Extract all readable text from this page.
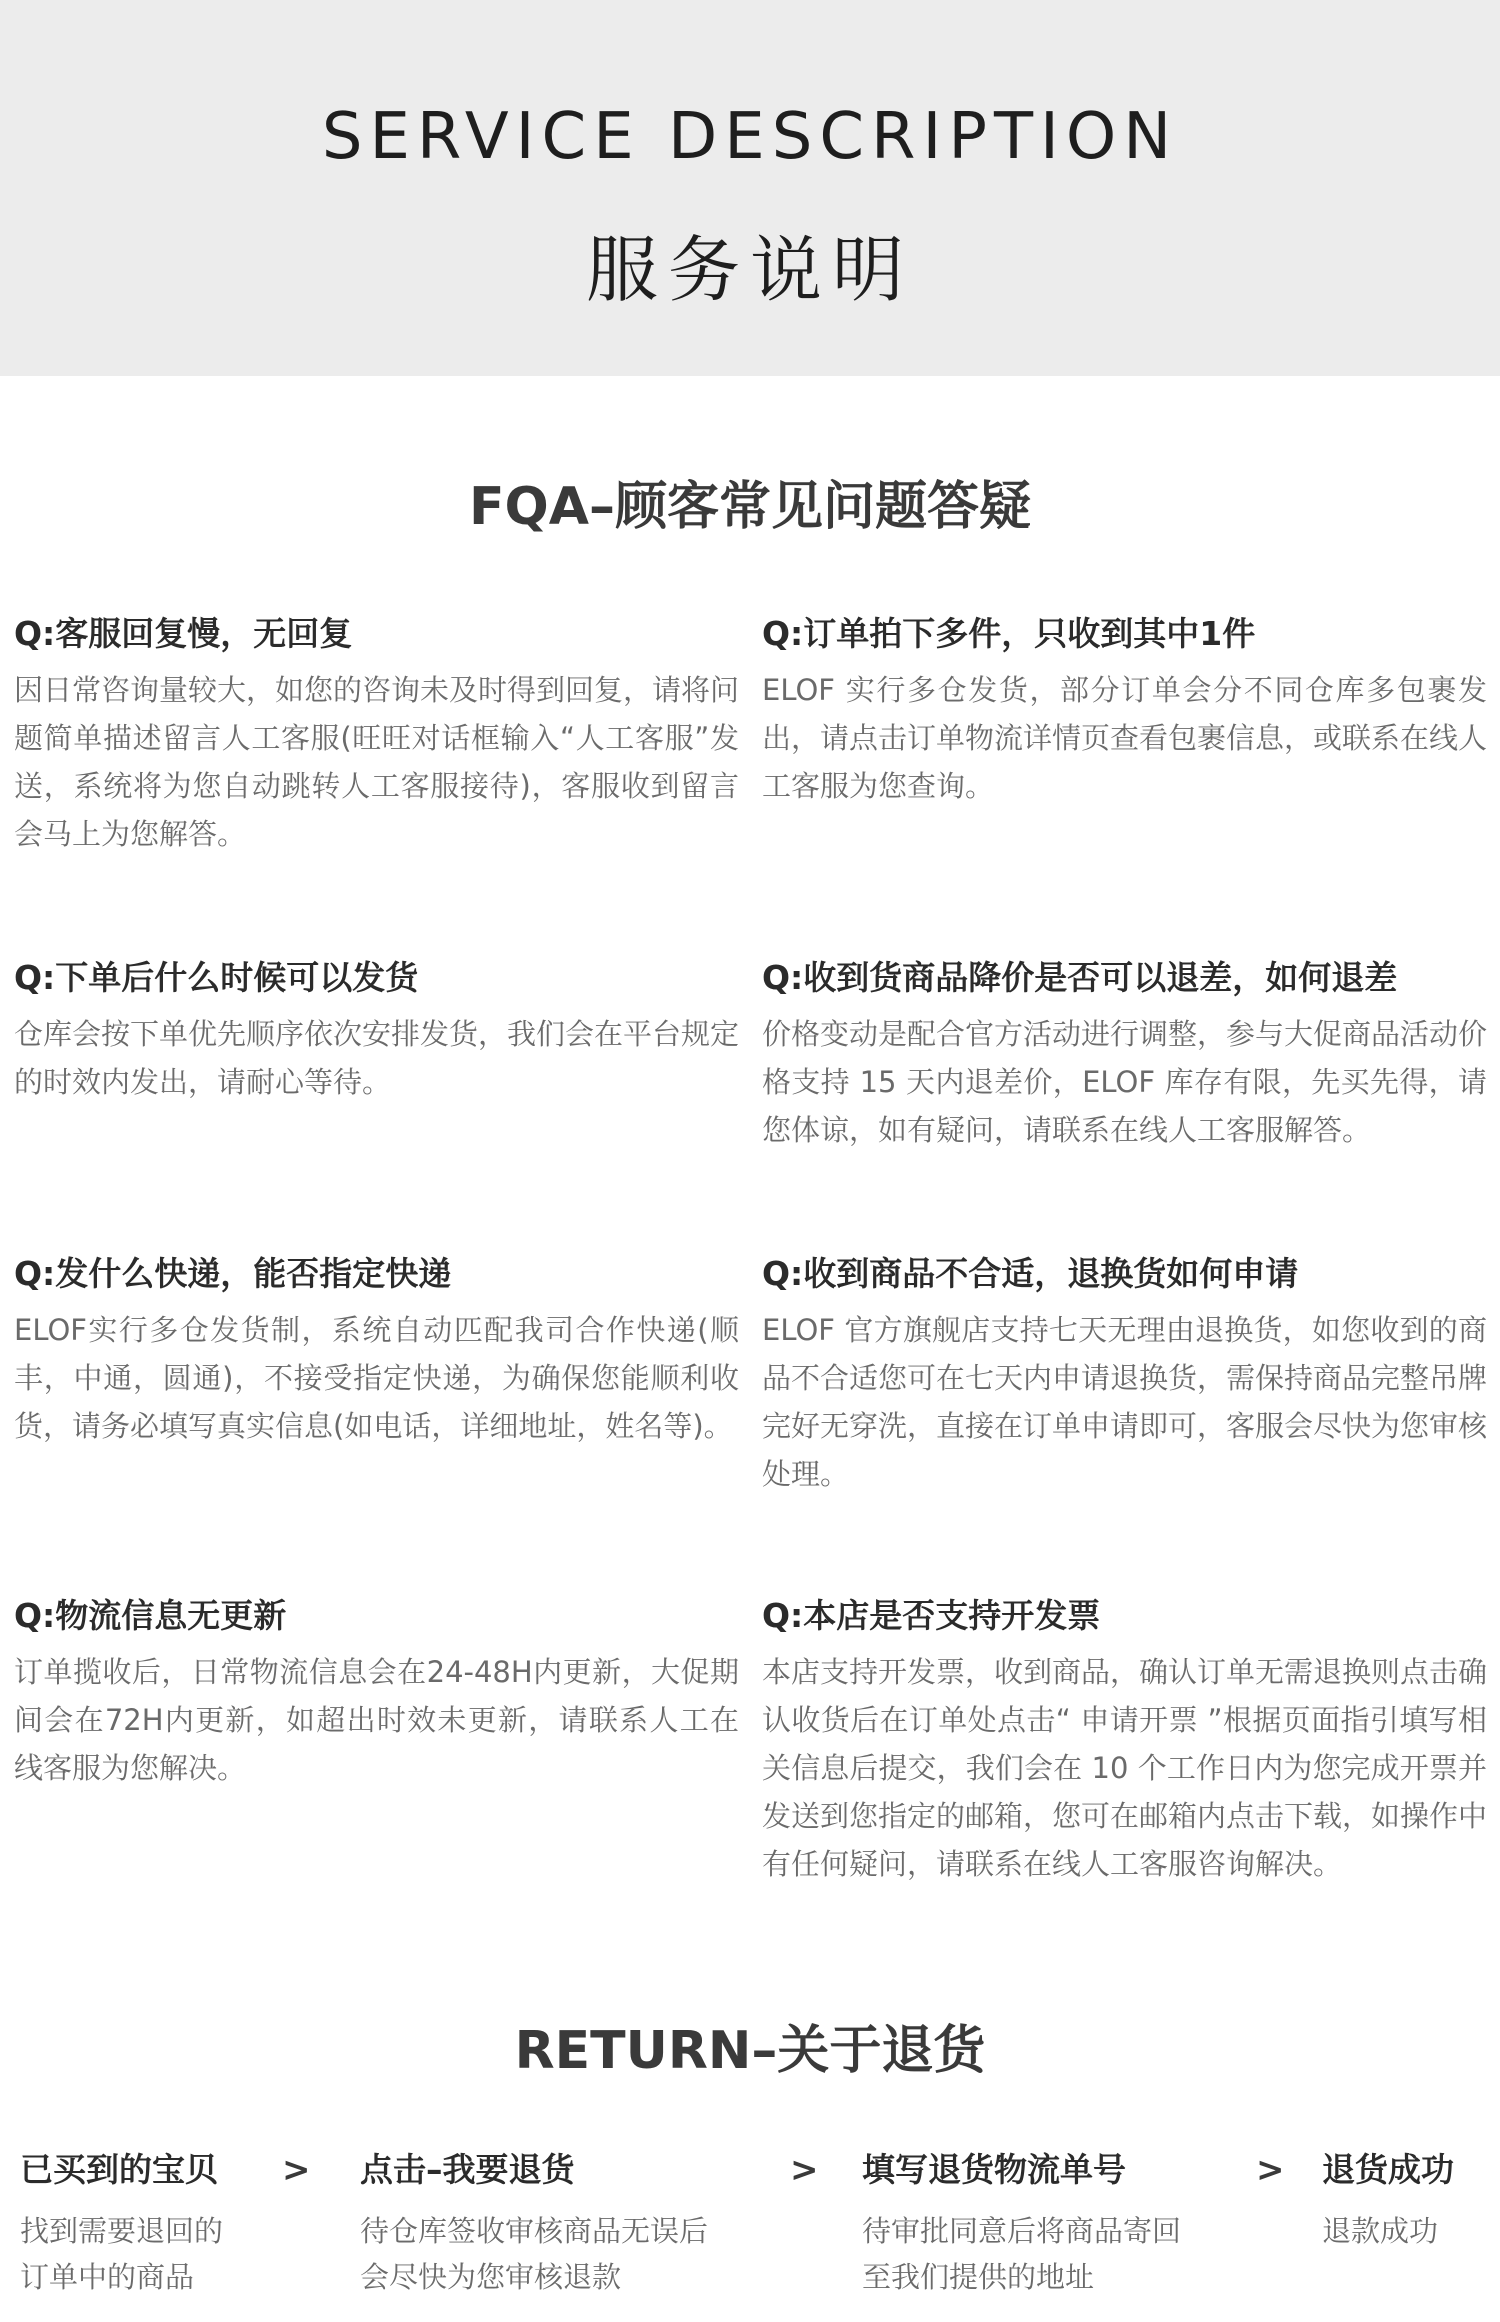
SERVICE DESCRIPTION
服务说明
FQA–顾客常见问题答疑

Q:客服回复慢，无回复

因日常咨询量较大，如您的咨询未及时得到回复，请将问题简单描述留言人工客服(旺旺对话框输入“人工客服”发送，系统将为您自动跳转人工客服接待)，客服收到留言会马上为您解答。

Q:订单拍下多件，只收到其中1件

ELOF 实行多仓发货，部分订单会分不同仓库多包裹发出，请点击订单物流详情页查看包裹信息，或联系在线人工客服为您查询。

Q:下单后什么时候可以发货

仓库会按下单优先顺序依次安排发货，我们会在平台规定的时效内发出，请耐心等待。

Q:收到货商品降价是否可以退差，如何退差

价格变动是配合官方活动进行调整，参与大促商品活动价格支持 15 天内退差价，ELOF 库存有限，先买先得，请您体谅，如有疑问，请联系在线人工客服解答。

Q:发什么快递，能否指定快递

ELOF实行多仓发货制，系统自动匹配我司合作快递(顺丰，中通，圆通)，不接受指定快递，为确保您能顺利收货，请务必填写真实信息(如电话，详细地址，姓名等)。

Q:收到商品不合适，退换货如何申请

ELOF 官方旗舰店支持七天无理由退换货，如您收到的商品不合适您可在七天内申请退换货，需保持商品完整吊牌完好无穿洗，直接在订单申请即可，客服会尽快为您审核处理。

Q:物流信息无更新

订单揽收后，日常物流信息会在24-48H内更新，大促期间会在72H内更新，如超出时效未更新，请联系人工在线客服为您解决。

Q:本店是否支持开发票

本店支持开发票，收到商品，确认订单无需退换则点击确认收货后在订单处点击“ 申请开票 ”根据页面指引填写相关信息后提交，我们会在 10 个工作日内为您完成开票并发送到您指定的邮箱，您可在邮箱内点击下载，如操作中有任何疑问，请联系在线人工客服咨询解决。

RETURN–关于退货
已买到的宝贝
找到需要退回的
订单中的商品
> 点击–我要退货
待仓库签收审核商品无误后
会尽快为您审核退款
> 填写退货物流单号
待审批同意后将商品寄回
至我们提供的地址
> 退货成功
退款成功
